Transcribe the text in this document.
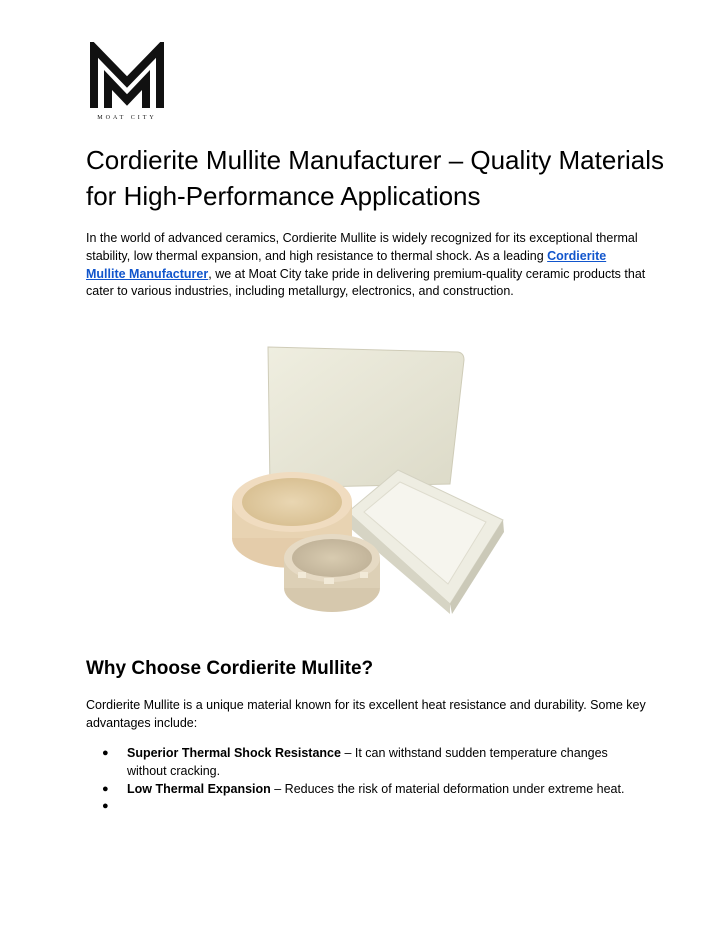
MOAT CITY
Cordierite Mullite Manufacturer – Quality Materials for High-Performance Applications

In the world of advanced ceramics, Cordierite Mullite is widely recognized for its exceptional thermal stability, low thermal expansion, and high resistance to thermal shock. As a leading Cordierite Mullite Manufacturer, we at Moat City take pride in delivering premium-quality ceramic products that cater to various industries, including metallurgy, electronics, and construction.

Why Choose Cordierite Mullite?

Cordierite Mullite is a unique material known for its excellent heat resistance and durability. Some key advantages include:

● Superior Thermal Shock Resistance – It can withstand sudden temperature changes without cracking.
● Low Thermal Expansion – Reduces the risk of material deformation under extreme heat.
●
